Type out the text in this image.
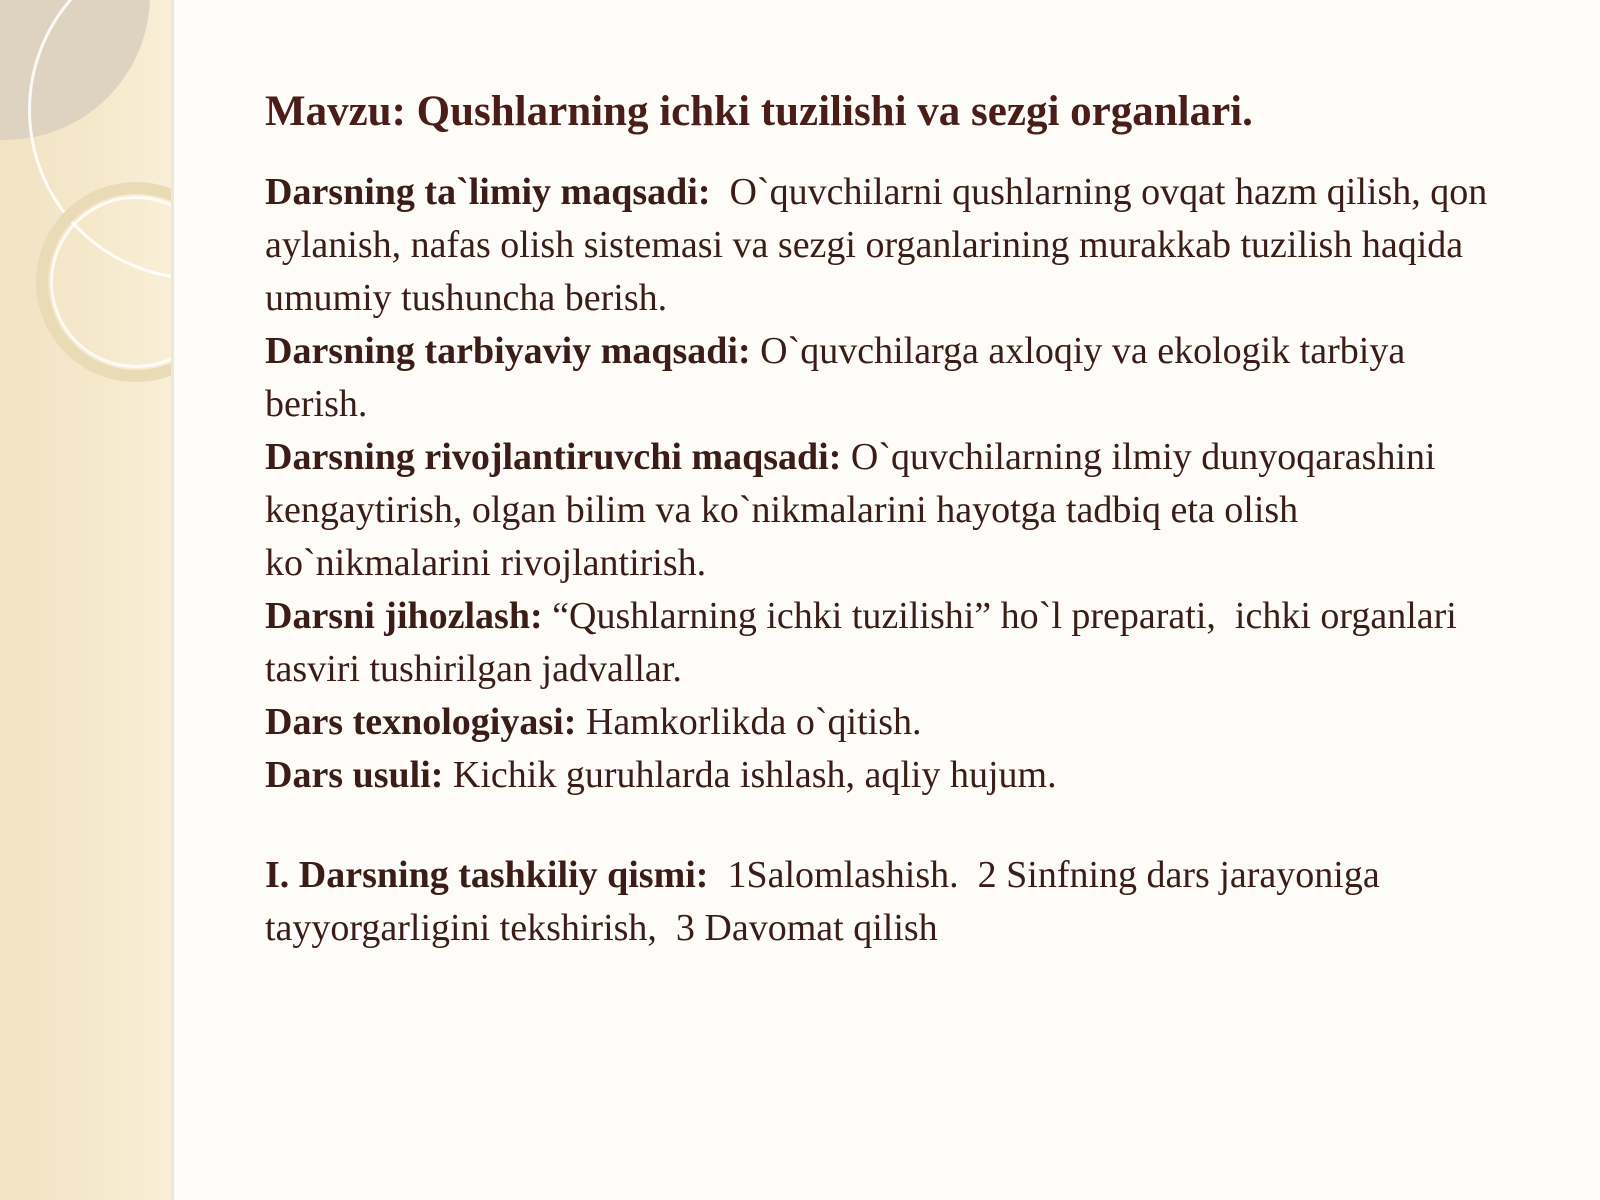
Mavzu: Qushlarning ichki tuzilishi va sezgi organlari.

Darsning ta`limiy maqsadi:  O`quvchilarni qushlarning ovqat hazm qilish, qon aylanish, nafas olish sistemasi va sezgi organlarining murakkab tuzilish haqida umumiy tushuncha berish.

Darsning tarbiyaviy maqsadi: O`quvchilarga axloqiy va ekologik tarbiya berish.

Darsning rivojlantiruvchi maqsadi: O`quvchilarning ilmiy dunyoqarashini kengaytirish, olgan bilim va ko`nikmalarini hayotga tadbiq eta olish ko`nikmalarini rivojlantirish.

Darsni jihozlash: “Qushlarning ichki tuzilishi” ho`l preparati,  ichki organlari tasviri tushirilgan jadvallar.

Dars texnologiyasi: Hamkorlikda o`qitish.

Dars usuli: Kichik guruhlarda ishlash, aqliy hujum.

I. Darsning tashkiliy qismi:  1Salomlashish.  2 Sinfning dars jarayoniga tayyorgarligini tekshirish,  3 Davomat qilish
